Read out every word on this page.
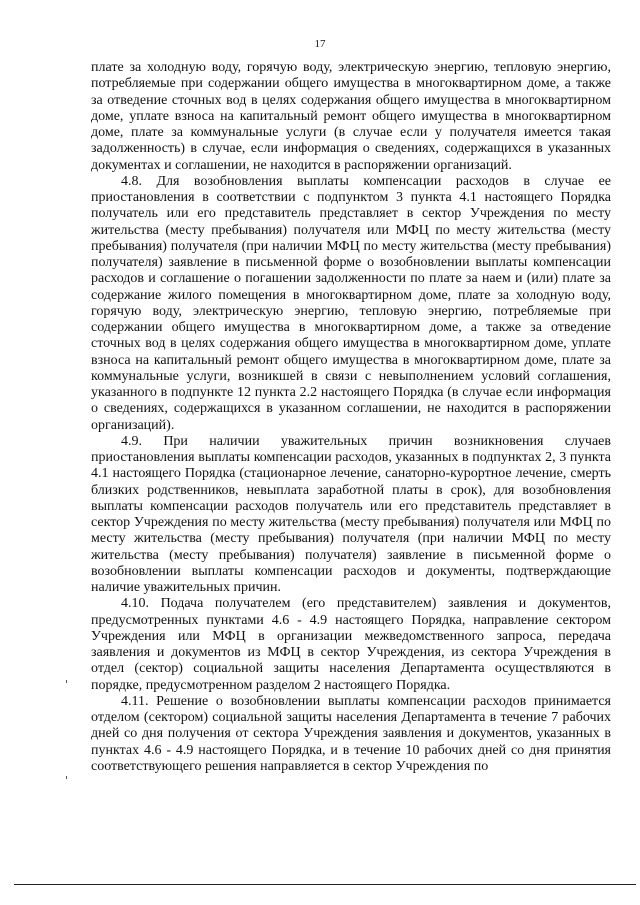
17

плате за холодную воду, горячую воду, электрическую энергию, тепловую энергию, потребляемые при содержании общего имущества в многоквартирном доме, а также за отведение сточных вод в целях содержания общего имущества в многоквартирном доме, уплате взноса на капитальный ремонт общего имущества в многоквартирном доме, плате за коммунальные услуги (в случае если у получателя имеется такая задолженность) в случае, если информация о сведениях, содержащихся в указанных документах и соглашении, не находится в распоряжении организаций.

4.8. Для возобновления выплаты компенсации расходов в случае ее приостановления в соответствии с подпунктом 3 пункта 4.1 настоящего Порядка получатель или его представитель представляет в сектор Учреждения по месту жительства (месту пребывания) получателя или МФЦ по месту жительства (месту пребывания) получателя (при наличии МФЦ по месту жительства (месту пребывания) получателя) заявление в письменной форме о возобновлении выплаты компенсации расходов и соглашение о погашении задолженности по плате за наем и (или) плате за содержание жилого помещения в многоквартирном доме, плате за холодную воду, горячую воду, электрическую энергию, тепловую энергию, потребляемые при содержании общего имущества в многоквартирном доме, а также за отведение сточных вод в целях содержания общего имущества в многоквартирном доме, уплате взноса на капитальный ремонт общего имущества в многоквартирном доме, плате за коммунальные услуги, возникшей в связи с невыполнением условий соглашения, указанного в подпункте 12 пункта 2.2 настоящего Порядка (в случае если информация о сведениях, содержащихся в указанном соглашении, не находится в распоряжении организаций).

4.9. При наличии уважительных причин возникновения случаев приостановления выплаты компенсации расходов, указанных в подпунктах 2, 3 пункта 4.1 настоящего Порядка (стационарное лечение, санаторно-курортное лечение, смерть близких родственников, невыплата заработной платы в срок), для возобновления выплаты компенсации расходов получатель или его представитель представляет в сектор Учреждения по месту жительства (месту пребывания) получателя или МФЦ по месту жительства (месту пребывания) получателя (при наличии МФЦ по месту жительства (месту пребывания) получателя) заявление в письменной форме о возобновлении выплаты компенсации расходов и документы, подтверждающие наличие уважительных причин.

4.10. Подача получателем (его представителем) заявления и документов, предусмотренных пунктами 4.6 - 4.9 настоящего Порядка, направление сектором Учреждения или МФЦ в организации межведомственного запроса, передача заявления и документов из МФЦ в сектор Учреждения, из сектора Учреждения в отдел (сектор) социальной защиты населения Департамента осуществляются в порядке, предусмотренном разделом 2 настоящего Порядка.

4.11. Решение о возобновлении выплаты компенсации расходов принимается отделом (сектором) социальной защиты населения Департамента в течение 7 рабочих дней со дня получения от сектора Учреждения заявления и документов, указанных в пунктах 4.6 - 4.9 настоящего Порядка, и в течение 10 рабочих дней со дня принятия соответствующего решения направляется в сектор Учреждения по
